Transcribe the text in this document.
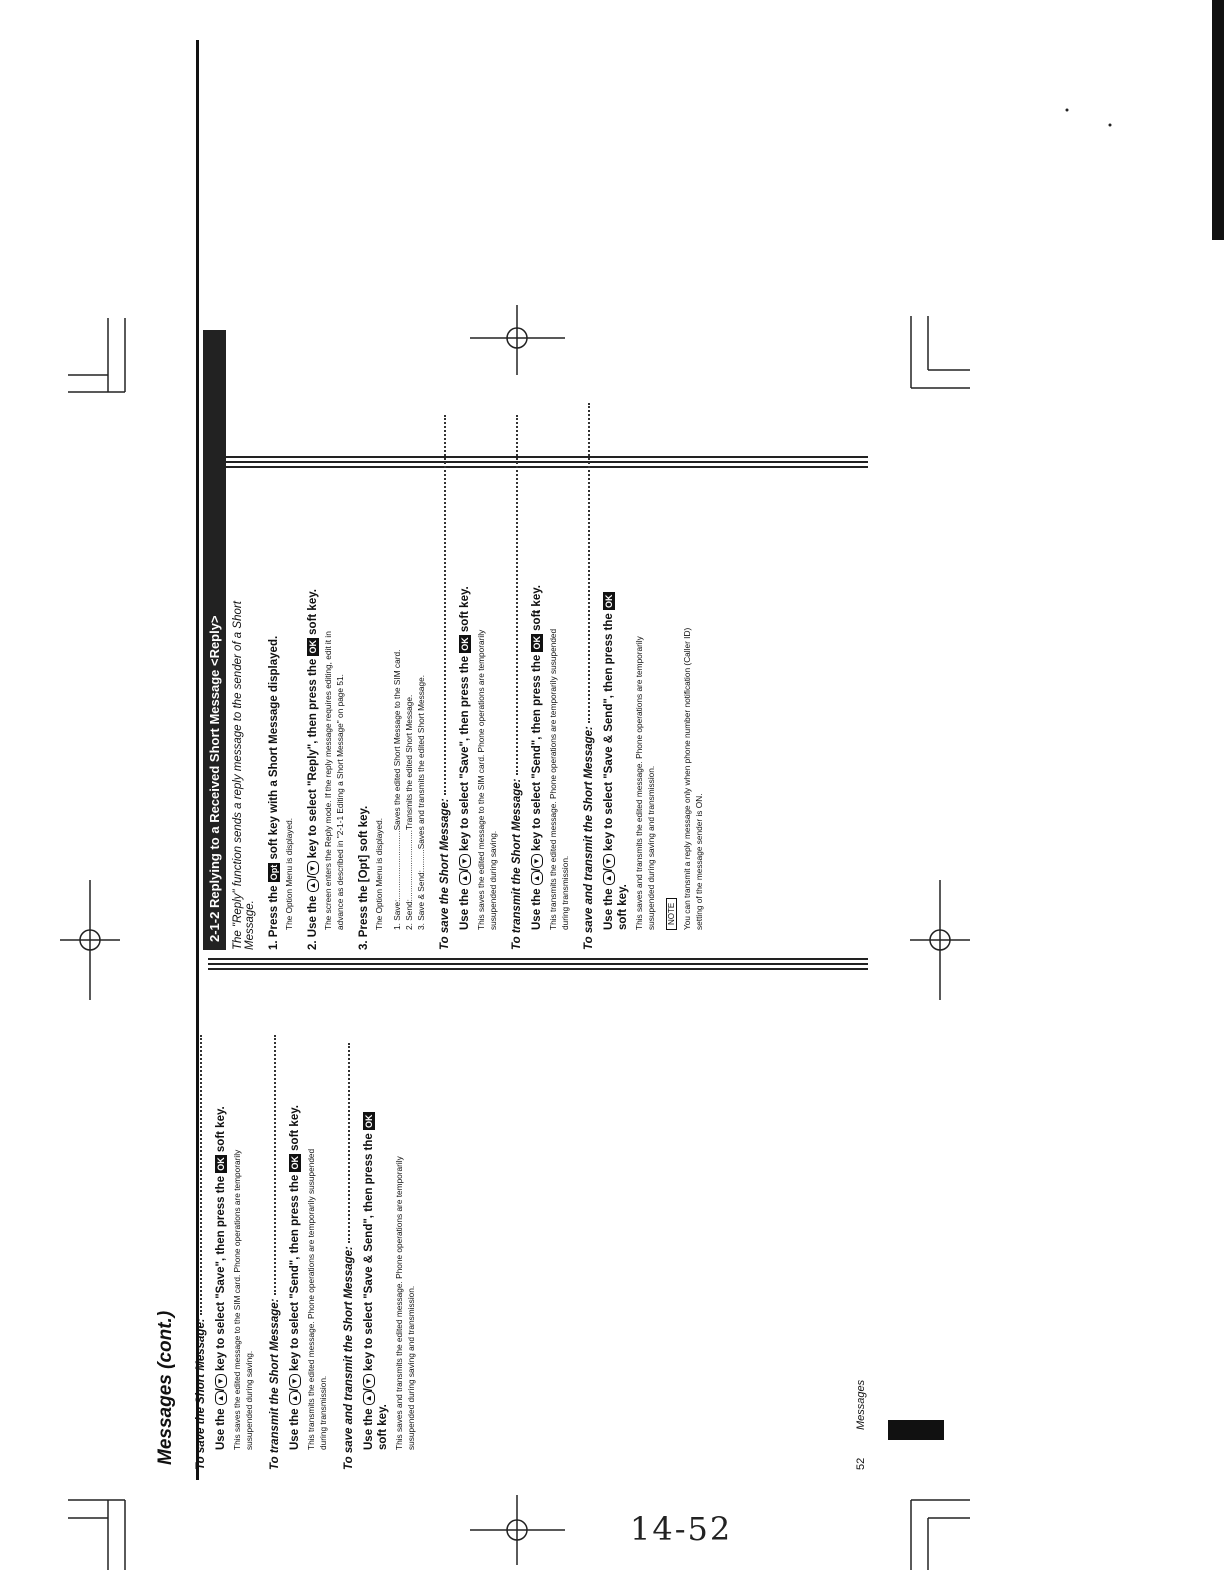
Messages (cont.) To save the Short Message: Use the ▲/▼ key to select "Save", then press the OK soft key.
This saves the edited message to the SIM card. Phone operations are temporarily susupended during saving. To transmit the Short Message: Use the ▲/▼ key to select "Send", then press the OK soft key.
This transmits the edited message. Phone operations are temporarily susupended during transmission. To save and transmit the Short Message: Use the ▲/▼ key to select "Save & Send", then press the OK
soft key. This saves and transmits the edited message. Phone operations are temporarily susupended during saving and transmission.
2-1-2 Replying to a Received Short Message <Reply> The "Reply" function sends a reply message to the sender of a Short Message. 1. Press the Opt soft key with a Short Message displayed.
The Option Menu is displayed.
2. Use the ▲/▼ key to select "Reply", then press the OK soft key.
The screen enters the Reply mode. If the reply message requires editing, edit it in advance as described in "2-1-1 Editing a Short Message" on page 51.
3. Press the [Opt] soft key. The Option Menu is displayed. 1. Save:..............................Saves the edited Short Message to the SIM card. 2. Send:..............................Transmits the edited Short Message. 3. Save & Send:.........Saves and transmits the edited Short Message. To save the Short Message: Use the ▲/▼ key to select "Save", then press the OK soft key.
This saves the edited message to the SIM card. Phone operations are temporarily susupended during saving. To transmit the Short Message: Use the ▲/▼ key to select "Send", then press the OK soft key.
This transmits the edited message. Phone operations are temporarily susupended during transmission. To save and transmit the Short Message: Use the ▲/▼ key to select "Save & Send", then press the OK
soft key. This saves and transmits the edited message. Phone operations are temporarily susupended during saving and transmission.	NOTE You can transmit a reply message only when phone number notification (Caller ID) setting of the message sender is ON.
52
Messages
14-52
